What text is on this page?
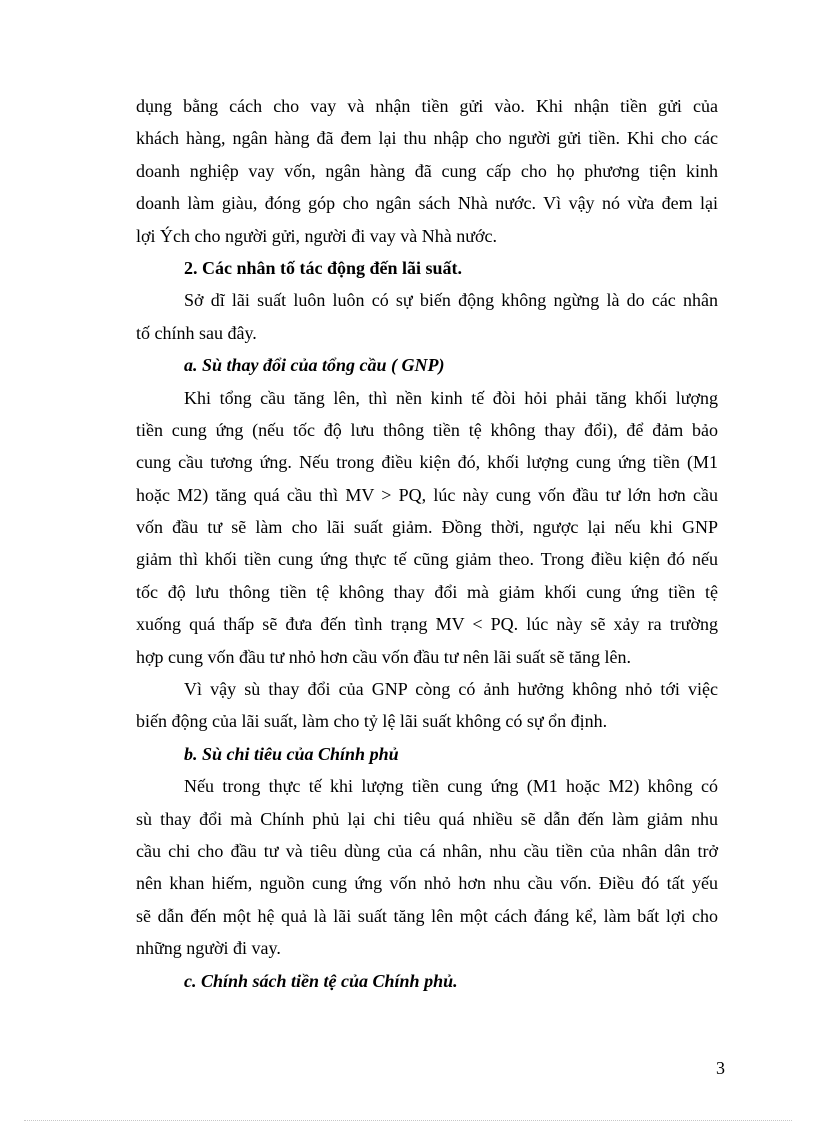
dụng bằng cách cho vay và nhận tiền gửi vào. Khi nhận tiền gửi của
khách hàng, ngân hàng đã đem lại thu nhập cho người gửi tiền. Khi cho các
doanh nghiệp vay vốn, ngân hàng đã cung cấp cho họ phương tiện kinh
doanh làm giàu, đóng góp cho ngân sách Nhà nước. Vì vậy nó vừa đem lại
lợi Ých cho người gửi, người đi vay và Nhà nước.
2. Các nhân tố tác động đến lãi suất.
Sở dĩ lãi suất luôn luôn có sự biến động không ngừng là do các nhân
tố chính sau đây.
a. Sù thay đổi của tổng cầu ( GNP)
Khi tổng cầu tăng lên, thì nền kinh tế đòi hỏi phải tăng khối lượng
tiền cung ứng (nếu tốc độ lưu thông tiền tệ không thay đổi), để đảm bảo
cung cầu tương ứng. Nếu trong điều kiện đó, khối lượng cung ứng tiền (M1
hoặc M2) tăng quá cầu thì MV > PQ, lúc này cung vốn đầu tư lớn hơn cầu
vốn đầu tư sẽ làm cho lãi suất giảm. Đồng thời, ngược lại nếu khi GNP
giảm thì khối tiền cung ứng thực tế cũng giảm theo. Trong điều kiện đó nếu
tốc độ lưu thông tiền tệ không thay đổi mà giảm khối cung ứng tiền tệ
xuống quá thấp sẽ đưa đến tình trạng MV < PQ. lúc này sẽ xảy ra trường
hợp cung vốn đầu tư nhỏ hơn cầu vốn đầu tư nên lãi suất sẽ tăng lên.
Vì vậy sù thay đổi của GNP còng có ảnh hưởng không nhỏ tới việc
biến động của lãi suất, làm cho tỷ lệ lãi suất không có sự ổn định.
b. Sù chi tiêu của Chính phủ
Nếu trong thực tế khi lượng tiền cung ứng (M1 hoặc M2) không có
sù thay đổi mà Chính phủ lại chi tiêu quá nhiều sẽ dẫn đến làm giảm nhu
cầu chi cho đầu tư và tiêu dùng của cá nhân, nhu cầu tiền của nhân dân trở
nên khan hiếm, nguồn cung ứng vốn nhỏ hơn nhu cầu vốn. Điều đó tất yếu
sẽ dẫn đến một hệ quả là lãi suất tăng lên một cách đáng kể, làm bất lợi cho
những người đi vay.
c. Chính sách tiền tệ của Chính phủ.
3
